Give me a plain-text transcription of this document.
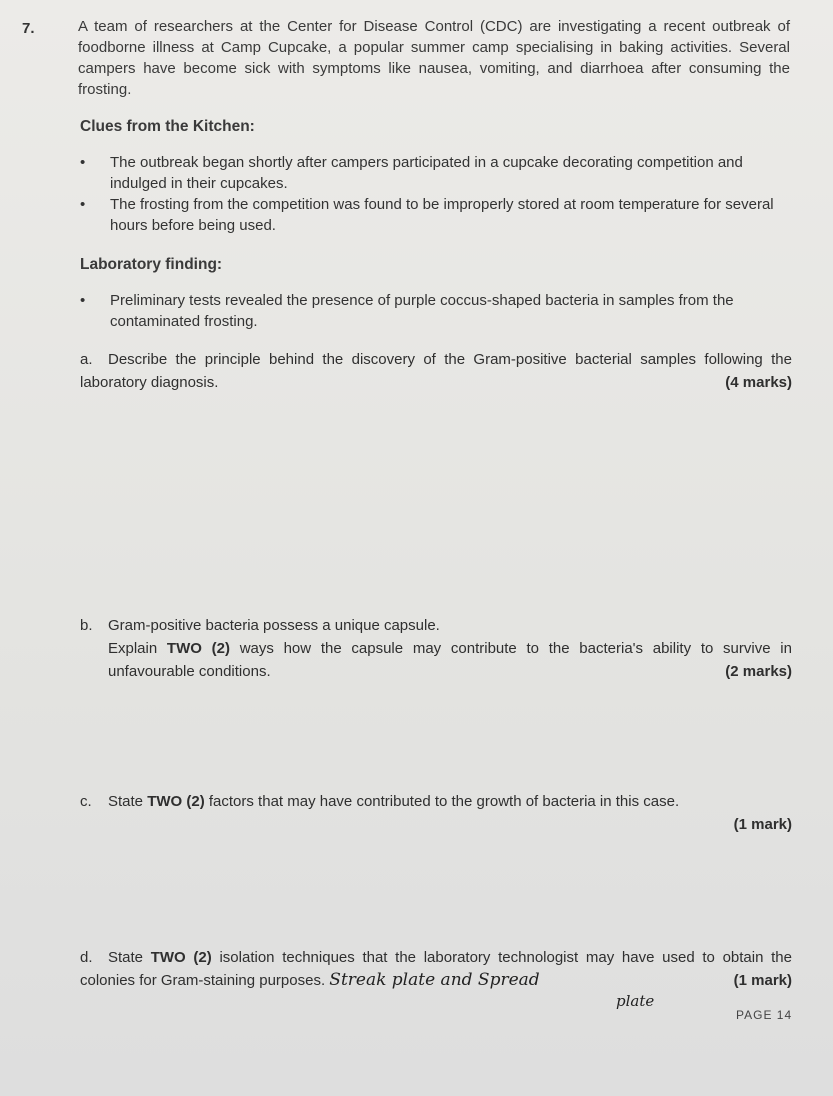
7.	A team of researchers at the Center for Disease Control (CDC) are investigating a recent outbreak of foodborne illness at Camp Cupcake, a popular summer camp specialising in baking activities. Several campers have become sick with symptoms like nausea, vomiting, and diarrhoea after consuming the frosting.
Clues from the Kitchen:
• The outbreak began shortly after campers participated in a cupcake decorating competition and indulged in their cupcakes.
• The frosting from the competition was found to be improperly stored at room temperature for several hours before being used.
Laboratory finding:
• Preliminary tests revealed the presence of purple coccus-shaped bacteria in samples from the contaminated frosting.
a. Describe the principle behind the discovery of the Gram-positive bacterial samples following the laboratory diagnosis.	(4 marks)
b. Gram-positive bacteria possess a unique capsule.
Explain TWO (2) ways how the capsule may contribute to the bacteria's ability to survive in unfavourable conditions.	(2 marks)
c. State TWO (2) factors that may have contributed to the growth of bacteria in this case.
(1 mark)
d. State TWO (2) isolation techniques that the laboratory technologist may have used to obtain the colonies for Gram-staining purposes. Streak plate and Spread	(1 mark)
plate
PAGE 14
